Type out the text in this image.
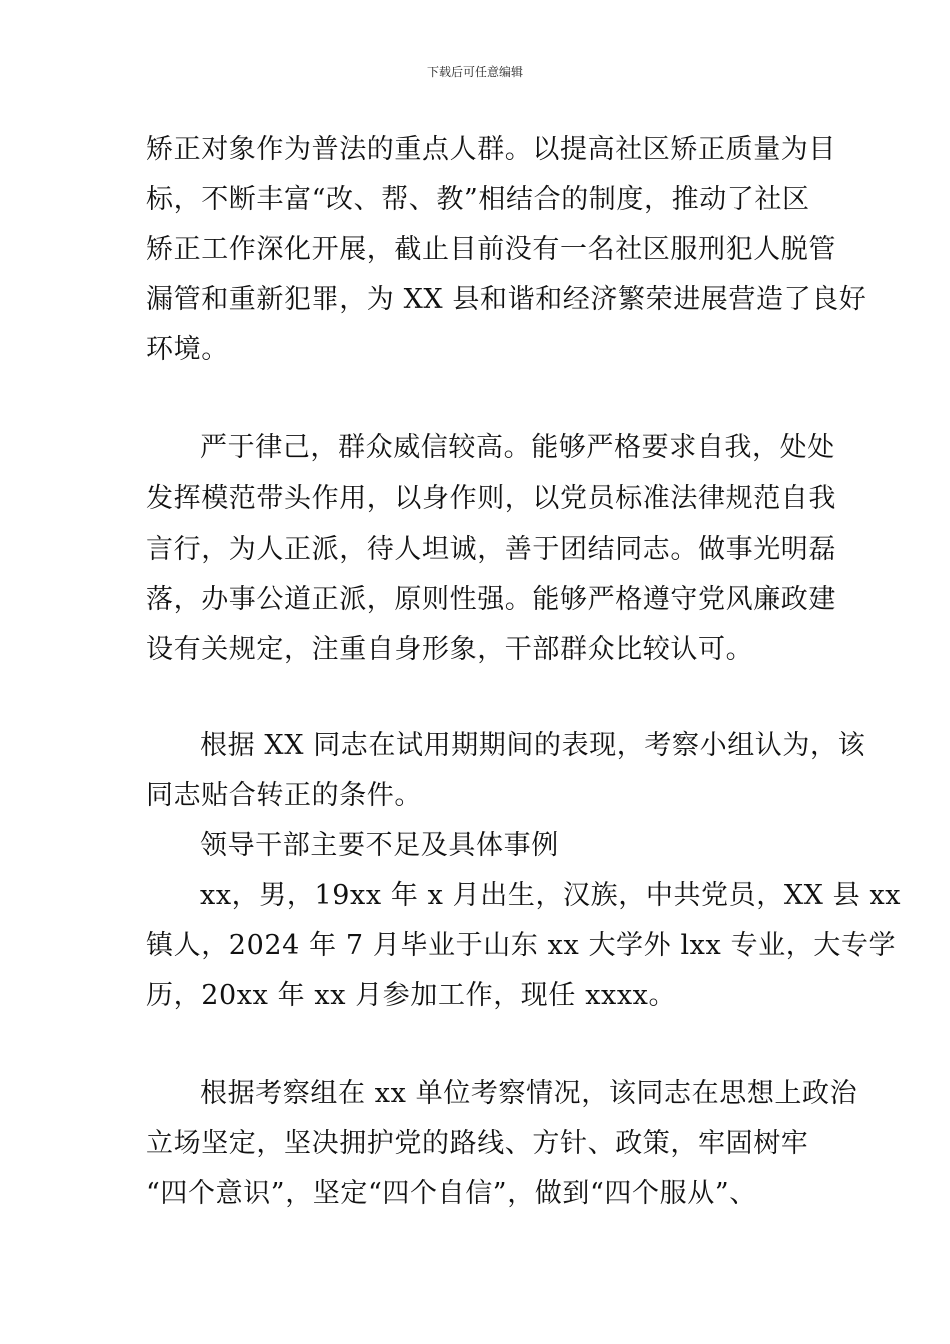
下载后可任意编辑
矫正对象作为普法的重点人群。以提高社区矫正质量为目
标，不断丰富“改、帮、教”相结合的制度，推动了社区
矫正工作深化开展，截止目前没有一名社区服刑犯人脱管
漏管和重新犯罪，为 XX 县和谐和经济繁荣进展营造了良好
环境。
严于律己，群众威信较高。能够严格要求自我，处处
发挥模范带头作用，以身作则，以党员标准法律规范自我
言行，为人正派，待人坦诚，善于团结同志。做事光明磊
落，办事公道正派，原则性强。能够严格遵守党风廉政建
设有关规定，注重自身形象，干部群众比较认可。
根据 XX 同志在试用期期间的表现，考察小组认为，该
同志贴合转正的条件。
领导干部主要不足及具体事例
xx，男，19xx 年 x 月出生，汉族，中共党员，XX 县 xx
镇人，2024 年 7 月毕业于山东 xx 大学外 lxx 专业，大专学
历，20xx 年 xx 月参加工作，现任 xxxx。
根据考察组在 xx 单位考察情况，该同志在思想上政治
立场坚定，坚决拥护党的路线、方针、政策，牢固树牢
“四个意识”，坚定“四个自信”，做到“四个服从”、
